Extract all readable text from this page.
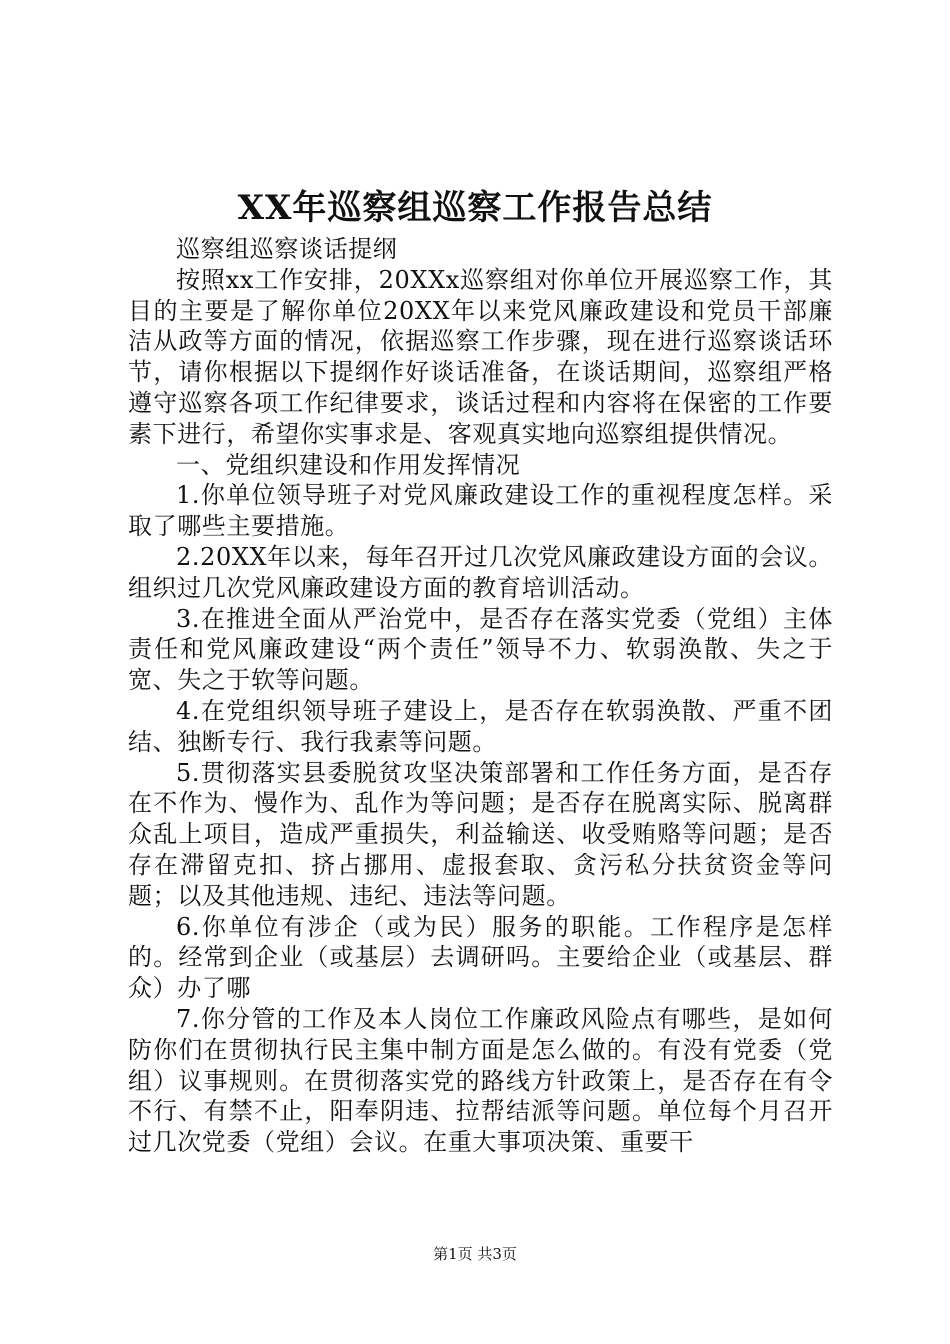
XX年巡察组巡察工作报告总结

巡察组巡察谈话提纲

按照xx工作安排，20XXx巡察组对你单位开展巡察工作，其目的主要是了解你单位20XX年以来党风廉政建设和党员干部廉洁从政等方面的情况，依据巡察工作步骤，现在进行巡察谈话环节，请你根据以下提纲作好谈话准备，在谈话期间，巡察组严格遵守巡察各项工作纪律要求，谈话过程和内容将在保密的工作要素下进行，希望你实事求是、客观真实地向巡察组提供情况。

一、党组织建设和作用发挥情况

1.你单位领导班子对党风廉政建设工作的重视程度怎样。采取了哪些主要措施。

2.20XX年以来，每年召开过几次党风廉政建设方面的会议。组织过几次党风廉政建设方面的教育培训活动。

3.在推进全面从严治党中，是否存在落实党委（党组）主体责任和党风廉政建设“两个责任”领导不力、软弱涣散、失之于宽、失之于软等问题。

4.在党组织领导班子建设上，是否存在软弱涣散、严重不团结、独断专行、我行我素等问题。

5.贯彻落实县委脱贫攻坚决策部署和工作任务方面，是否存在不作为、慢作为、乱作为等问题；是否存在脱离实际、脱离群众乱上项目，造成严重损失，利益输送、收受贿赂等问题；是否存在滞留克扣、挤占挪用、虚报套取、贪污私分扶贫资金等问题；以及其他违规、违纪、违法等问题。

6.你单位有涉企（或为民）服务的职能。工作程序是怎样的。经常到企业（或基层）去调研吗。主要给企业（或基层、群众）办了哪

7.你分管的工作及本人岗位工作廉政风险点有哪些，是如何防你们在贯彻执行民主集中制方面是怎么做的。有没有党委（党组）议事规则。在贯彻落实党的路线方针政策上，是否存在有令不行、有禁不止，阳奉阴违、拉帮结派等问题。单位每个月召开过几次党委（党组）会议。在重大事项决策、重要干

第1页 共3页
